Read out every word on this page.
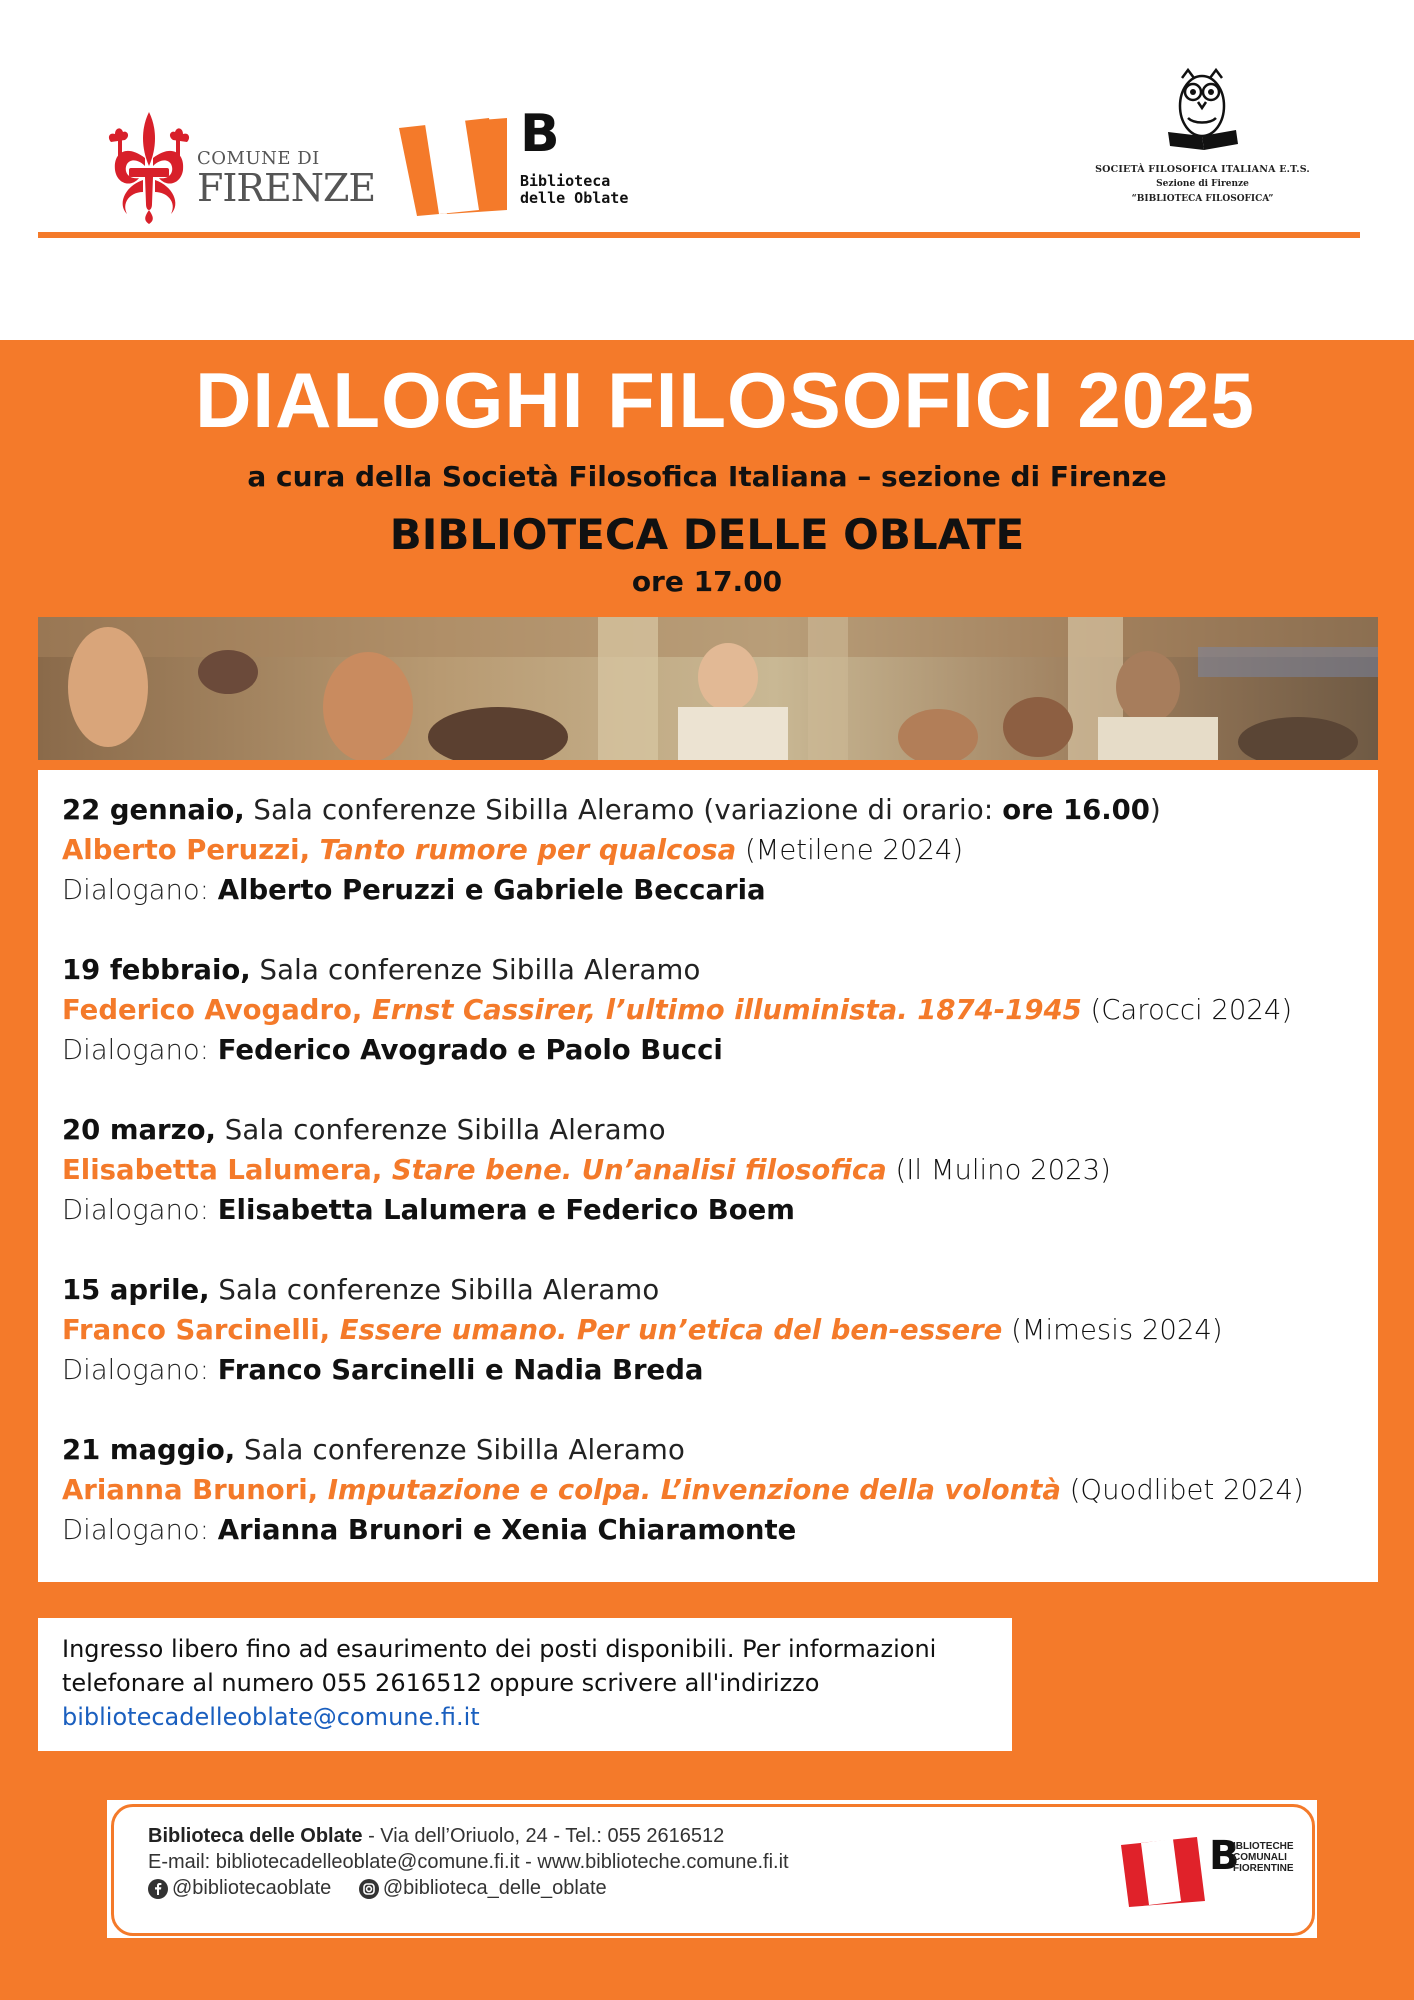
COMUNE DI
FIRENZE
B
Biblioteca
delle Oblate
SOCIETÀ FILOSOFICA ITALIANA E.T.S.
Sezione di Firenze
“BIBLIOTECA FILOSOFICA”
DIALOGHI FILOSOFICI 2025
a cura della Società Filosofica Italiana – sezione di Firenze
BIBLIOTECA DELLE OBLATE
ore 17.00
22 gennaio, Sala conferenze Sibilla Aleramo (variazione di orario: ore 16.00)
Alberto Peruzzi, Tanto rumore per qualcosa (Metilene 2024)
Dialogano: Alberto Peruzzi e Gabriele Beccaria
19 febbraio, Sala conferenze Sibilla Aleramo
Federico Avogadro, Ernst Cassirer, l’ultimo illuminista. 1874-1945 (Carocci 2024)
Dialogano: Federico Avogrado e Paolo Bucci
20 marzo, Sala conferenze Sibilla Aleramo
Elisabetta Lalumera, Stare bene. Un’analisi filosofica (Il Mulino 2023)
Dialogano: Elisabetta Lalumera e Federico Boem
15 aprile, Sala conferenze Sibilla Aleramo
Franco Sarcinelli, Essere umano. Per un’etica del ben-essere (Mimesis 2024)
Dialogano: Franco Sarcinelli e Nadia Breda
21 maggio, Sala conferenze Sibilla Aleramo
Arianna Brunori, Imputazione e colpa. L’invenzione della volontà (Quodlibet 2024)
Dialogano: Arianna Brunori e Xenia Chiaramonte
Ingresso libero fino ad esaurimento dei posti disponibili. Per informazioni
telefonare al numero 055 2616512 oppure scrivere all'indirizzo
bibliotecadelleoblate@comune.fi.it
Biblioteca delle Oblate - Via dell’Oriuolo, 24 - Tel.: 055 2616512
E-mail: bibliotecadelleoblate@comune.fi.it - www.biblioteche.comune.fi.it
@bibliotecaoblate
	@biblioteca_delle_oblate
B
IBLIOTECHE
COMUNALI
FIORENTINE
